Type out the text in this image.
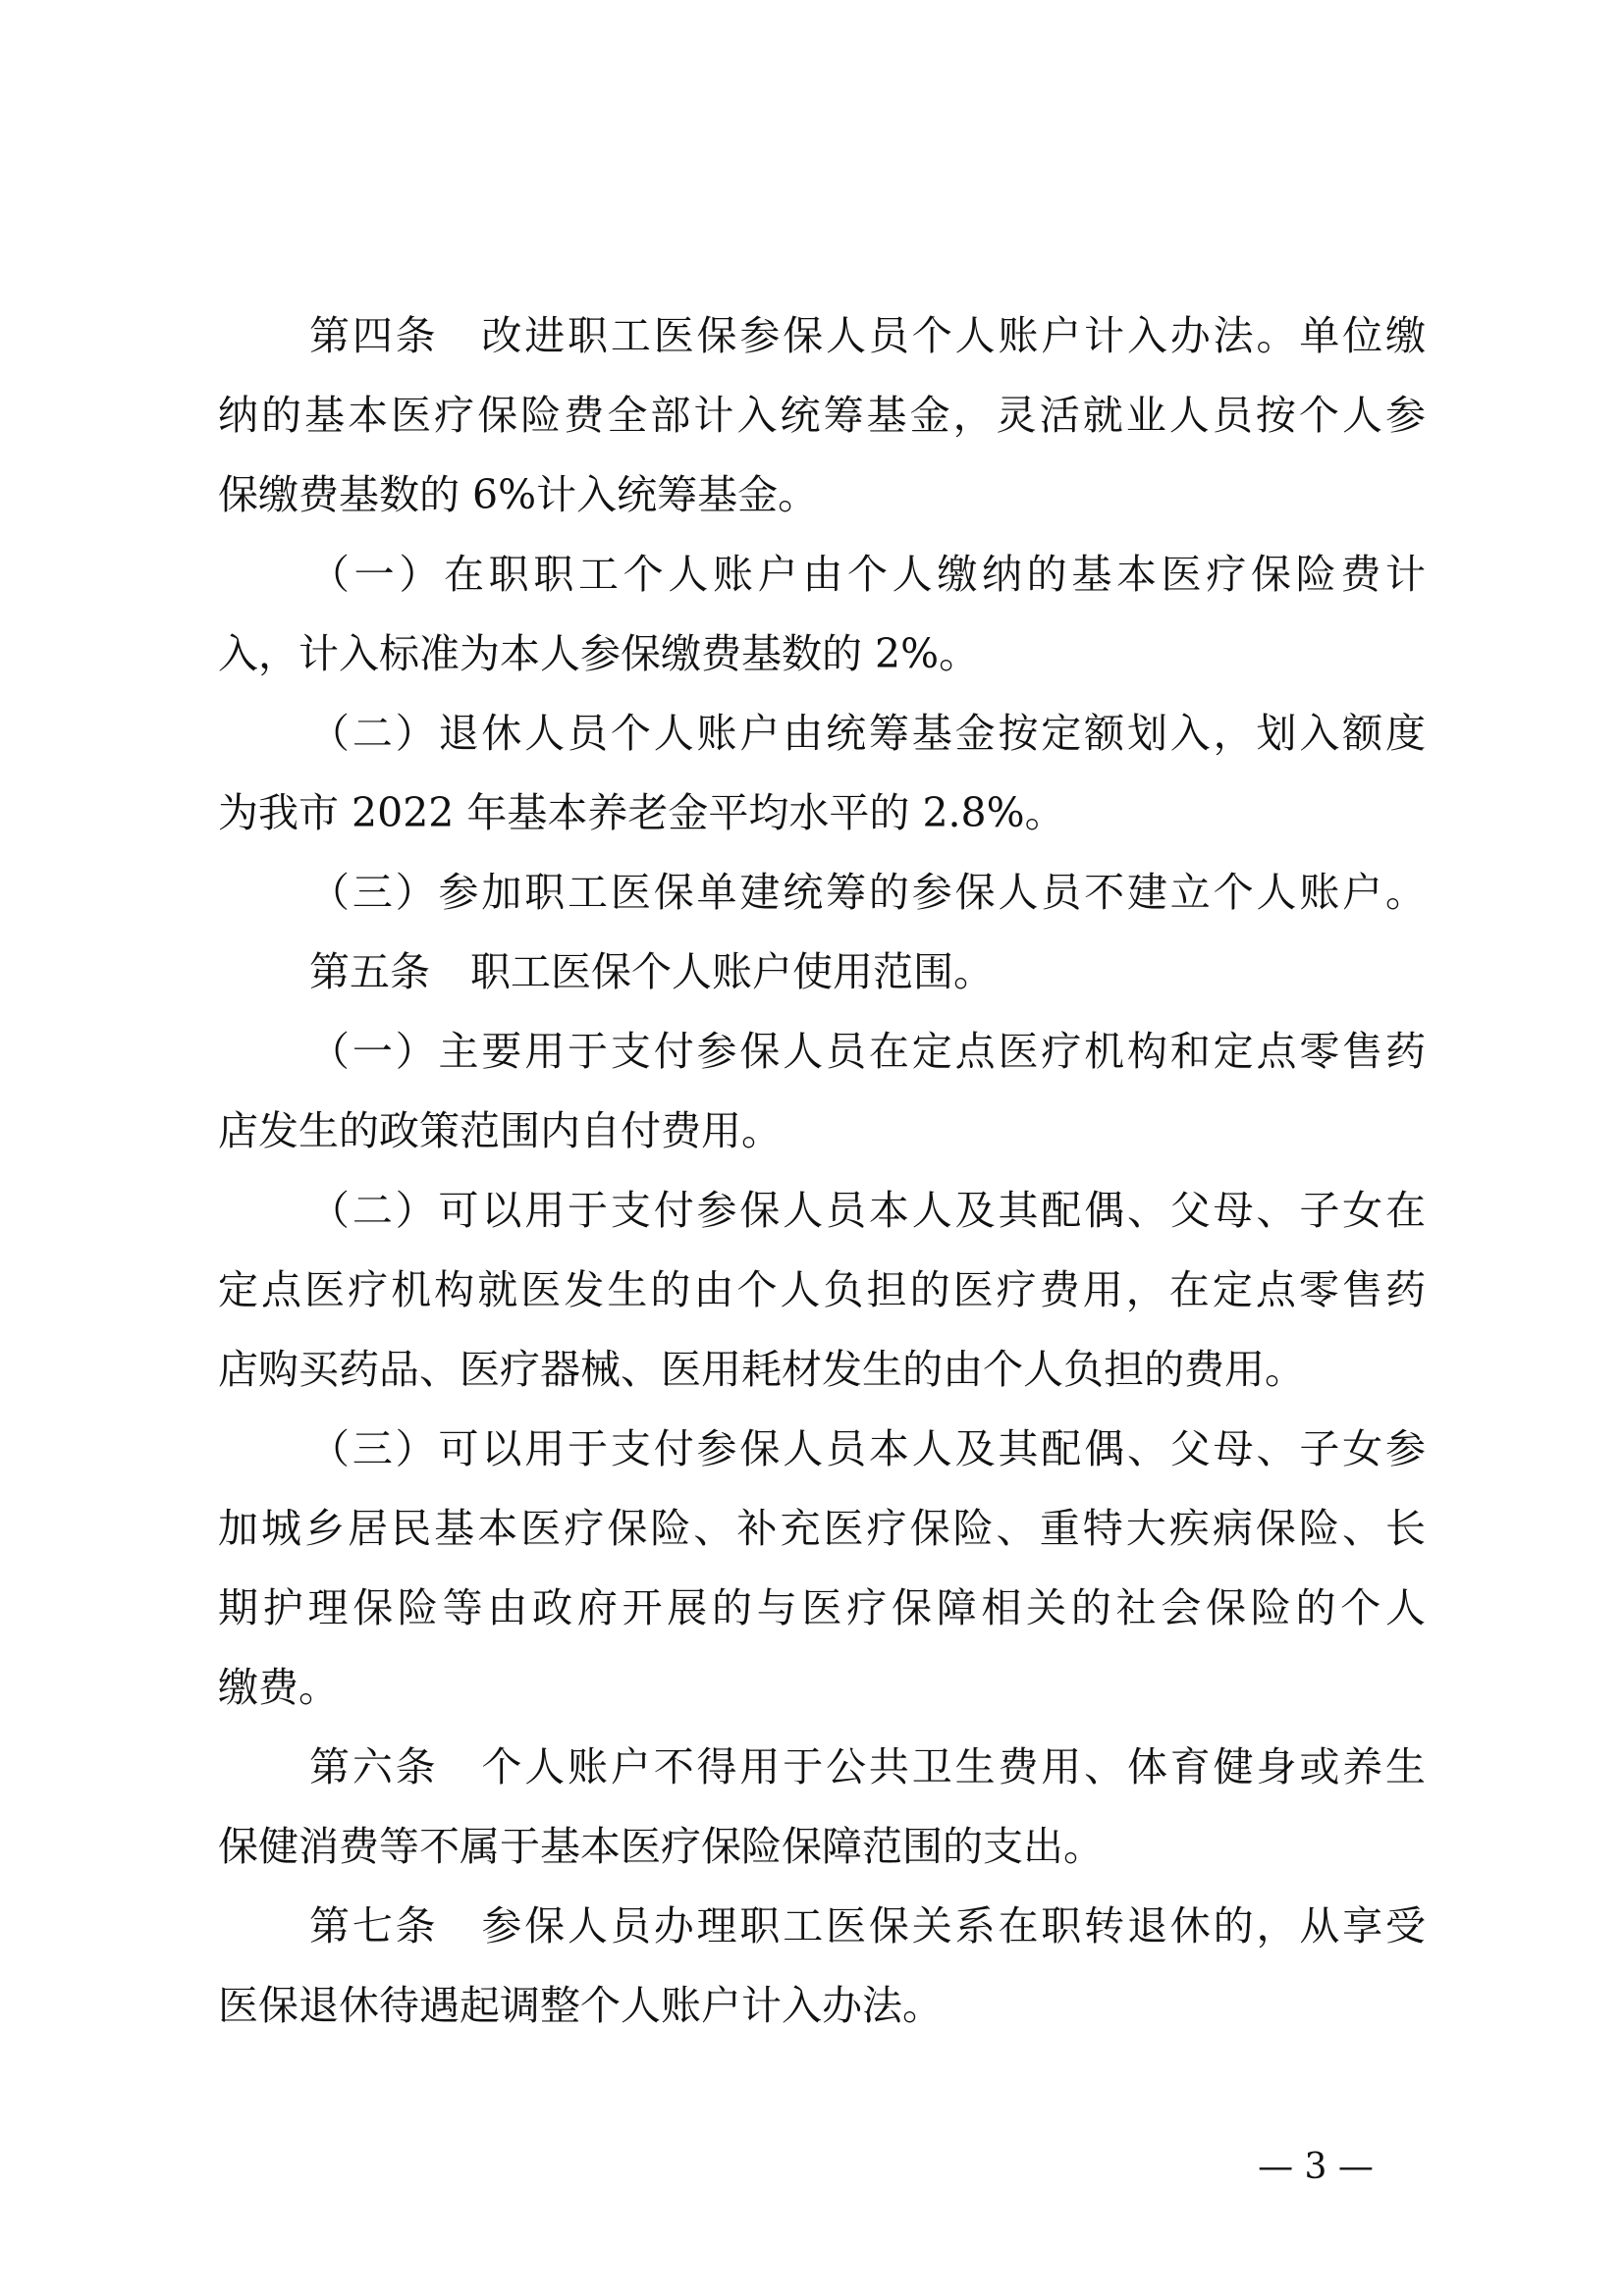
第四条　改进职工医保参保人员个人账户计入办法。单位缴
纳的基本医疗保险费全部计入统筹基金，灵活就业人员按个人参
保缴费基数的 6%计入统筹基金。
（一）在职职工个人账户由个人缴纳的基本医疗保险费计
入，计入标准为本人参保缴费基数的 2%。
（二）退休人员个人账户由统筹基金按定额划入，划入额度
为我市 2022 年基本养老金平均水平的 2.8%。
（三）参加职工医保单建统筹的参保人员不建立个人账户。
第五条　职工医保个人账户使用范围。
（一）主要用于支付参保人员在定点医疗机构和定点零售药
店发生的政策范围内自付费用。
（二）可以用于支付参保人员本人及其配偶、父母、子女在
定点医疗机构就医发生的由个人负担的医疗费用，在定点零售药
店购买药品、医疗器械、医用耗材发生的由个人负担的费用。
（三）可以用于支付参保人员本人及其配偶、父母、子女参
加城乡居民基本医疗保险、补充医疗保险、重特大疾病保险、长
期护理保险等由政府开展的与医疗保障相关的社会保险的个人
缴费。
第六条　个人账户不得用于公共卫生费用、体育健身或养生
保健消费等不属于基本医疗保险保障范围的支出。
第七条　参保人员办理职工医保关系在职转退休的，从享受
医保退休待遇起调整个人账户计入办法。
— 3 —
